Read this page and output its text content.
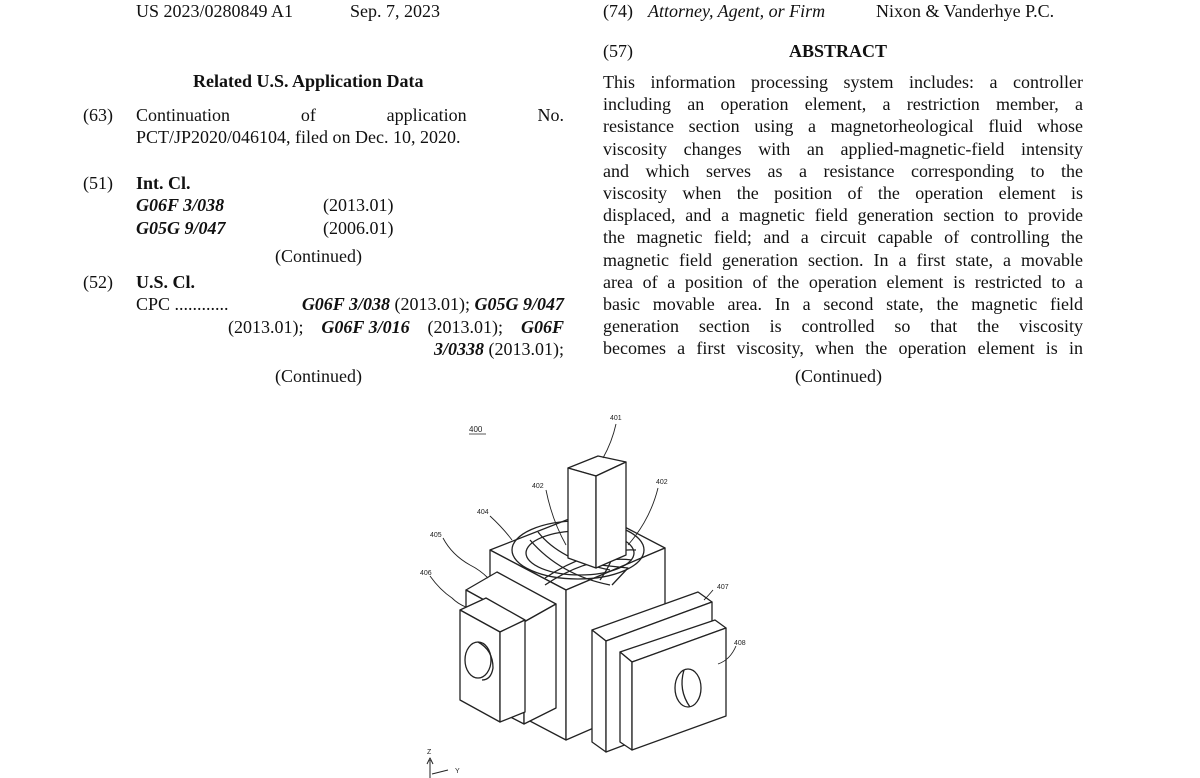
US 2023/0280849 A1	Sep. 7, 2023	(74) Attorney, Agent, or Firm	Nixon & Vanderhye P.C.
Related U.S. Application Data
(63) Continuation	of	application	No.
PCT/JP2020/046104, filed on Dec. 10, 2020.
(51) Int. Cl.
G06F 3/038	(2013.01)
G05G 9/047	(2006.01)
(Continued)
(52) U.S. Cl.
CPC ............	G06F 3/038 (2013.01); G05G 9/047
(2013.01); G06F 3/016 (2013.01); G06F
3/0338 (2013.01);
(Continued)
(57)	ABSTRACT
This information processing system includes: a controller
including an operation element, a restriction member, a
resistance section using a magnetorheological fluid whose
viscosity changes with an applied-magnetic-field intensity
and which serves as a resistance corresponding to the
viscosity when the position of the operation element is
displaced, and a magnetic field generation section to provide
the magnetic field; and a circuit capable of controlling the
magnetic field generation section. In a first state, a movable
area of a position of the operation element is restricted to a
basic movable area. In a second state, the magnetic field
generation section is controlled so that the viscosity
becomes a first viscosity, when the operation element is in
(Continued)
400
401
402
402
404
405
406
407
408
Z
Y
